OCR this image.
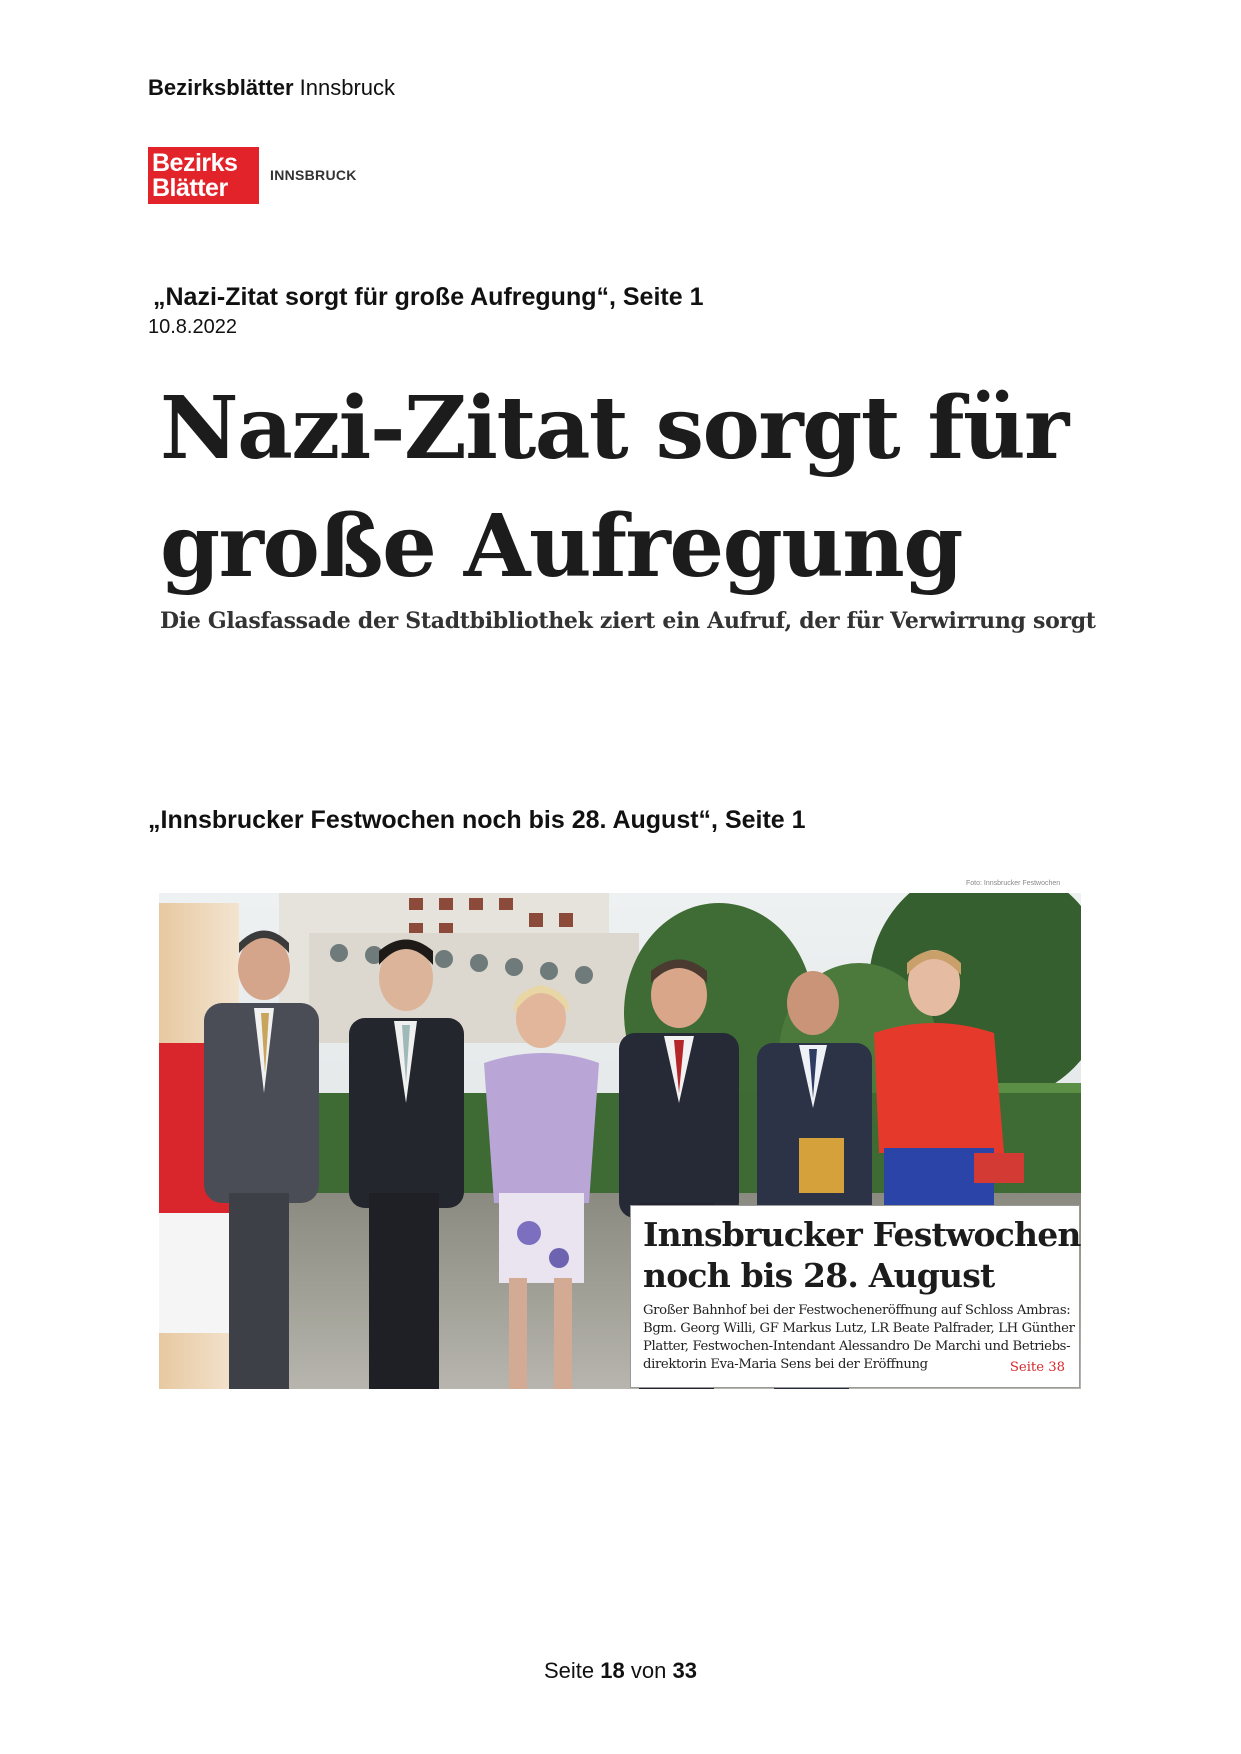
Bezirksblätter Innsbruck
Bezirks
Blätter	INNSBRUCK
„Nazi-Zitat sorgt für große Aufregung“, Seite 1
10.8.2022
Nazi-Zitat sorgt für
große Aufregung
Die Glasfassade der Stadtbibliothek ziert ein Aufruf, der für Verwirrung sorgt
„Innsbrucker Festwochen noch bis 28. August“, Seite 1
Foto: Innsbrucker Festwochen
Innsbrucker Festwochen
noch bis 28. August
Großer Bahnhof bei der Festwocheneröffnung auf Schloss Ambras:
Bgm. Georg Willi, GF Markus Lutz, LR Beate Palfrader, LH Günther
Platter, Festwochen-Intendant Alessandro De Marchi und Betriebs-
direktorin Eva-Maria Sens bei der Eröffnung	Seite 38
Seite 18 von 33
